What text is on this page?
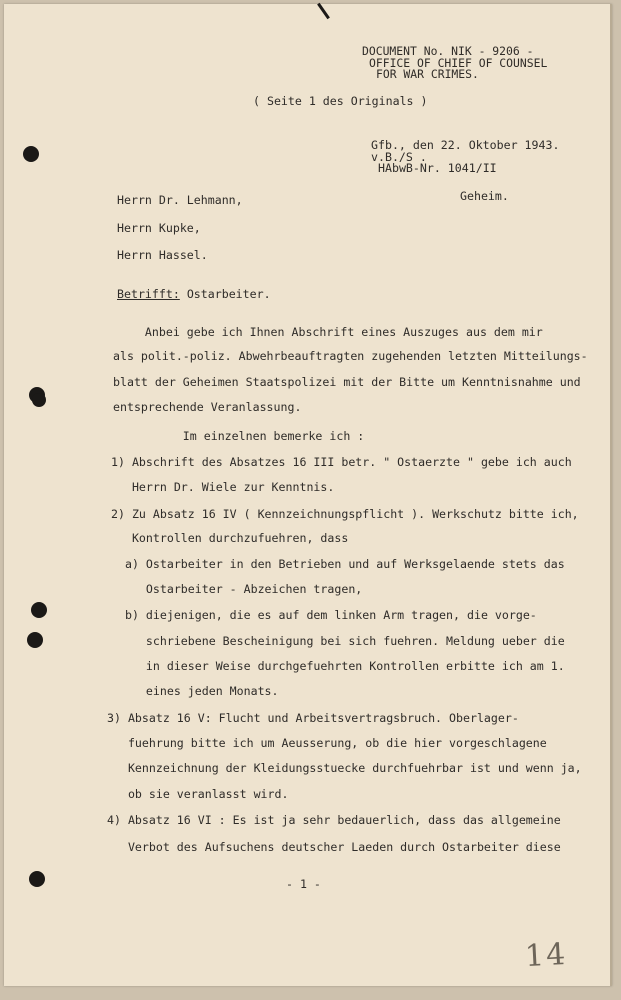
DOCUMENT No. NIK - 9206 -
OFFICE OF CHIEF OF COUNSEL
FOR WAR CRIMES.
( Seite 1 des Originals )
Gfb., den 22. Oktober 1943.
v.B./S .
HAbwB-Nr. 1041/II
Geheim.
Herrn Dr. Lehmann,
Herrn Kupke,
Herrn Hassel.
Betrifft: Ostarbeiter.
Anbei gebe ich Ihnen Abschrift eines Auszuges aus dem mir
als polit.-poliz. Abwehrbeauftragten zugehenden letzten Mitteilungs-
blatt der Geheimen Staatspolizei mit der Bitte um Kenntnisnahme und
entsprechende Veranlassung.
Im einzelnen bemerke ich :
1) Abschrift des Absatzes 16 III betr. " Ostaerzte " gebe ich auch
Herrn Dr. Wiele zur Kenntnis.
2) Zu Absatz 16 IV ( Kennzeichnungspflicht ). Werkschutz bitte ich,
Kontrollen durchzufuehren, dass
a) Ostarbeiter in den Betrieben und auf Werksgelaende stets das
Ostarbeiter - Abzeichen tragen,
b) diejenigen, die es auf dem linken Arm tragen, die vorge-
schriebene Bescheinigung bei sich fuehren. Meldung ueber die
in dieser Weise durchgefuehrten Kontrollen erbitte ich am 1.
eines jeden Monats.
3) Absatz 16 V: Flucht und Arbeitsvertragsbruch. Oberlager-
fuehrung bitte ich um Aeusserung, ob die hier vorgeschlagene
Kennzeichnung der Kleidungsstuecke durchfuehrbar ist und wenn ja,
ob sie veranlasst wird.
4) Absatz 16 VI : Es ist ja sehr bedauerlich, dass das allgemeine
Verbot des Aufsuchens deutscher Laeden durch Ostarbeiter diese
- 1 -
14
